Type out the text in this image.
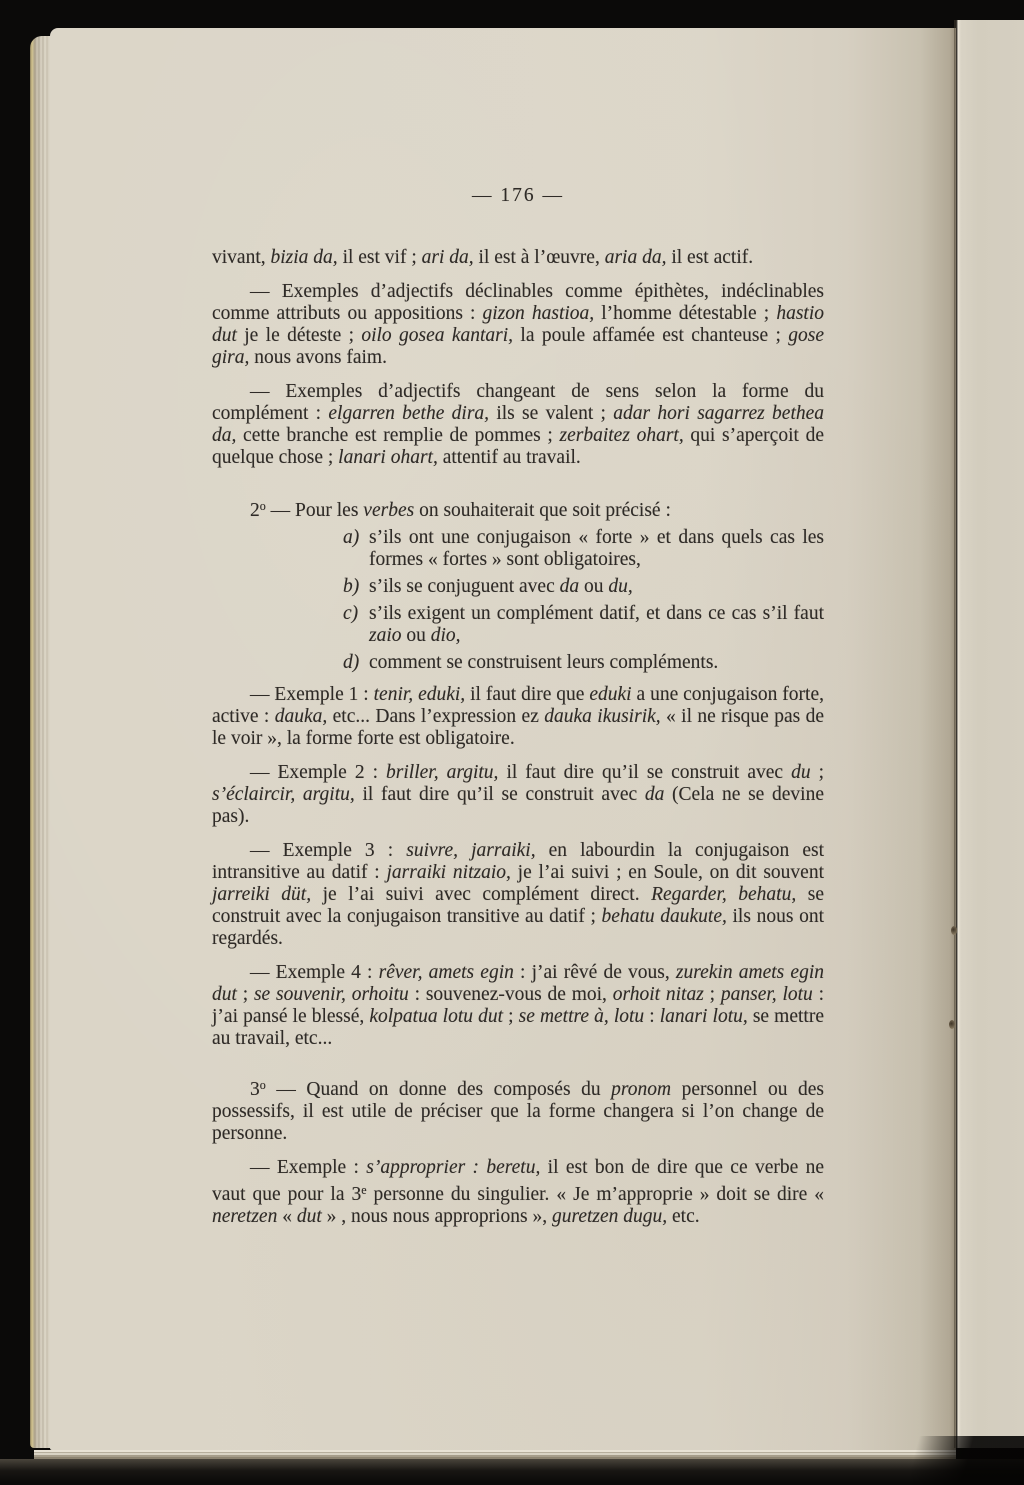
— 176 —

vivant, bizia da, il est vif ; ari da, il est à l’œuvre, aria da, il est actif.

— Exemples d’adjectifs déclinables comme épithètes, indéclinables comme attributs ou appositions : gizon hastioa, l’homme détestable ; hastio dut je le déteste ; oilo gosea kantari, la poule affamée est chanteuse ; gose gira, nous avons faim.

— Exemples d’adjectifs changeant de sens selon la forme du complément : elgarren bethe dira, ils se valent ; adar hori sagarrez bethea da, cette branche est remplie de pommes ; zerbaitez ohart, qui s’aperçoit de quelque chose ; lanari ohart, attentif au travail.

2$^o$ — Pour les verbes on souhaiterait que soit précisé :

a) s’ils ont une conjugaison « forte » et dans quels cas les formes « fortes » sont obligatoires,
b) s’ils se conjuguent avec da ou du,
c) s’ils exigent un complément datif, et dans ce cas s’il faut zaio ou dio,
d) comment se construisent leurs compléments.

— Exemple 1 : tenir, eduki, il faut dire que eduki a une conjugaison forte, active : dauka, etc... Dans l’expression ez dauka ikusirik, « il ne risque pas de le voir », la forme forte est obligatoire.

— Exemple 2 : briller, argitu, il faut dire qu’il se construit avec du ; s’éclaircir, argitu, il faut dire qu’il se construit avec da (Cela ne se devine pas).

— Exemple 3 : suivre, jarraiki, en labourdin la conjugaison est intransitive au datif : jarraiki nitzaio, je l’ai suivi ; en Soule, on dit souvent jarreiki düt, je l’ai suivi avec complément direct. Regarder, behatu, se construit avec la conjugaison transitive au datif ; behatu daukute, ils nous ont regardés.

— Exemple 4 : rêver, amets egin : j’ai rêvé de vous, zurekin amets egin dut ; se souvenir, orhoitu : souvenez-vous de moi, orhoit nitaz ; panser, lotu : j’ai pansé le blessé, kolpatua lotu dut ; se mettre à, lotu : lanari lotu, se mettre au travail, etc...

3$^o$ — Quand on donne des composés du pronom personnel ou des possessifs, il est utile de préciser que la forme changera si l’on change de personne.

— Exemple : s’approprier : beretu, il est bon de dire que ce verbe ne vaut que pour la 3e personne du singulier. « Je m’approprie » doit se dire « neretzen « dut » , nous nous approprions », guretzen dugu, etc.
